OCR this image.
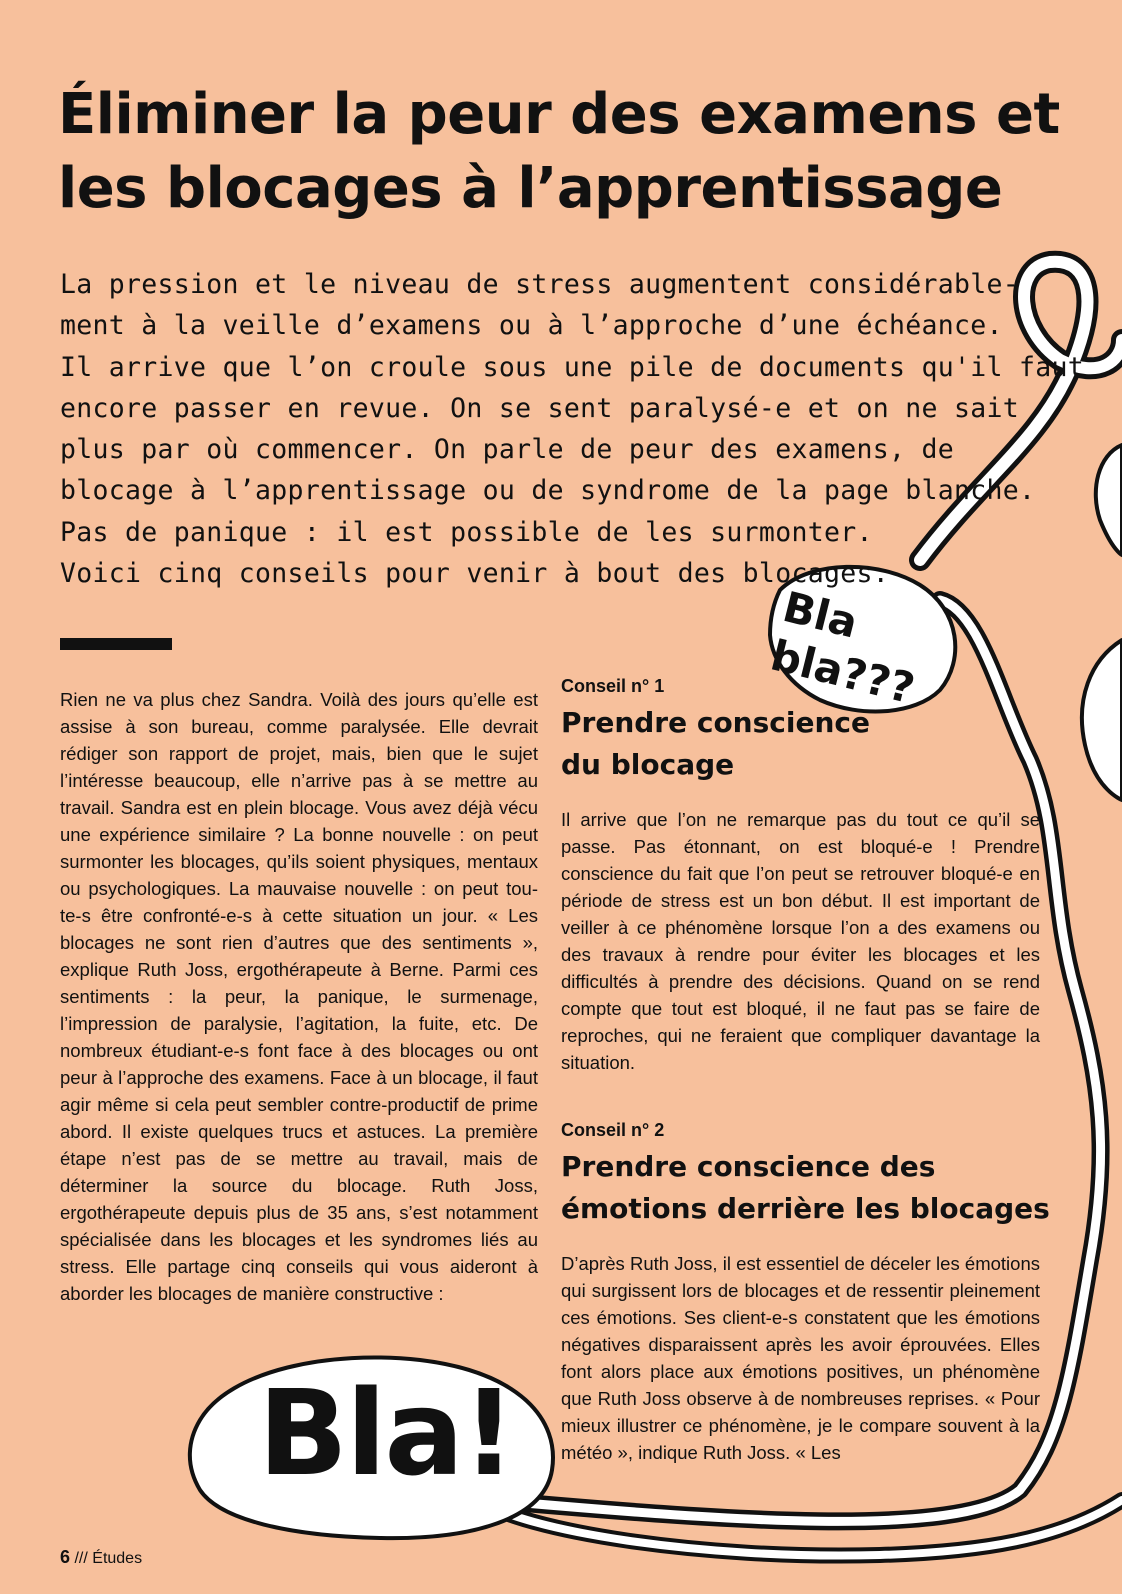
Éliminer la peur des examens et
les blocages à l’apprentissage

La pression et le niveau de stress augmentent considérable-
ment à la veille d’examens ou à l’approche d’une échéance.
Il arrive que l’on croule sous une pile de documents qu'il faut
encore passer en revue. On se sent paralysé-e et on ne sait
plus par où commencer. On parle de peur des examens, de
blocage à l’apprentissage ou de syndrome de la page blanche.
Pas de panique : il est possible de les surmonter.
Voici cinq conseils pour venir à bout des blocages.

Rien ne va plus chez Sandra. Voilà des jours qu’elle est assise à son bureau, comme paralysée. Elle devrait rédiger son rapport de projet, mais, bien que le sujet l’intéresse beaucoup, elle n’arrive pas à se mettre au travail. Sandra est en plein blocage. Vous avez déjà vécu une expérience similaire ? La bonne nouvelle : on peut surmonter les blocages, qu’ils soient physiques, mentaux ou psychologiques. La mauvaise nouvelle : on peut tou-te-s être confronté-e-s à cette situation un jour. « Les blocages ne sont rien d’autres que des sentiments », explique Ruth Joss, ergothérapeute à Berne. Parmi ces sentiments : la peur, la panique, le surmenage, l’impression de paralysie, l’agitation, la fuite, etc. De nombreux étudiant-e-s font face à des blocages ou ont peur à l’approche des examens. Face à un blocage, il faut agir même si cela peut sembler contre-productif de prime abord. Il existe quelques trucs et astuces. La première étape n’est pas de se mettre au travail, mais de déterminer la source du blocage. Ruth Joss, ergothérapeute depuis plus de 35 ans, s’est notamment spécialisée dans les blocages et les syndromes liés au stress. Elle partage cinq conseils qui vous aideront à aborder les blocages de manière constructive :

Conseil n° 1

Prendre conscience
du blocage

Il arrive que l’on ne remarque pas du tout ce qu’il se passe. Pas étonnant, on est bloqué-e ! Prendre conscience du fait que l’on peut se retrouver bloqué-e en période de stress est un bon début. Il est important de veiller à ce phénomène lorsque l’on a des examens ou des travaux à rendre pour éviter les blocages et les difficultés à prendre des décisions. Quand on se rend compte que tout est bloqué, il ne faut pas se faire de reproches, qui ne feraient que compliquer davantage la situation.

Conseil n° 2

Prendre conscience des
émotions derrière les blocages

D’après Ruth Joss, il est essentiel de déceler les émotions qui surgissent lors de blocages et de ressentir pleinement ces émotions. Ses client-e-s constatent que les émotions négatives disparaissent après les avoir éprouvées. Elles font alors place aux émotions positives, un phénomène que Ruth Joss observe à de nombreuses reprises. « Pour mieux illustrer ce phénomène, je le compare souvent à la météo », indique Ruth Joss. « Les

Bla
bla???

Bla!

6 /// Études
